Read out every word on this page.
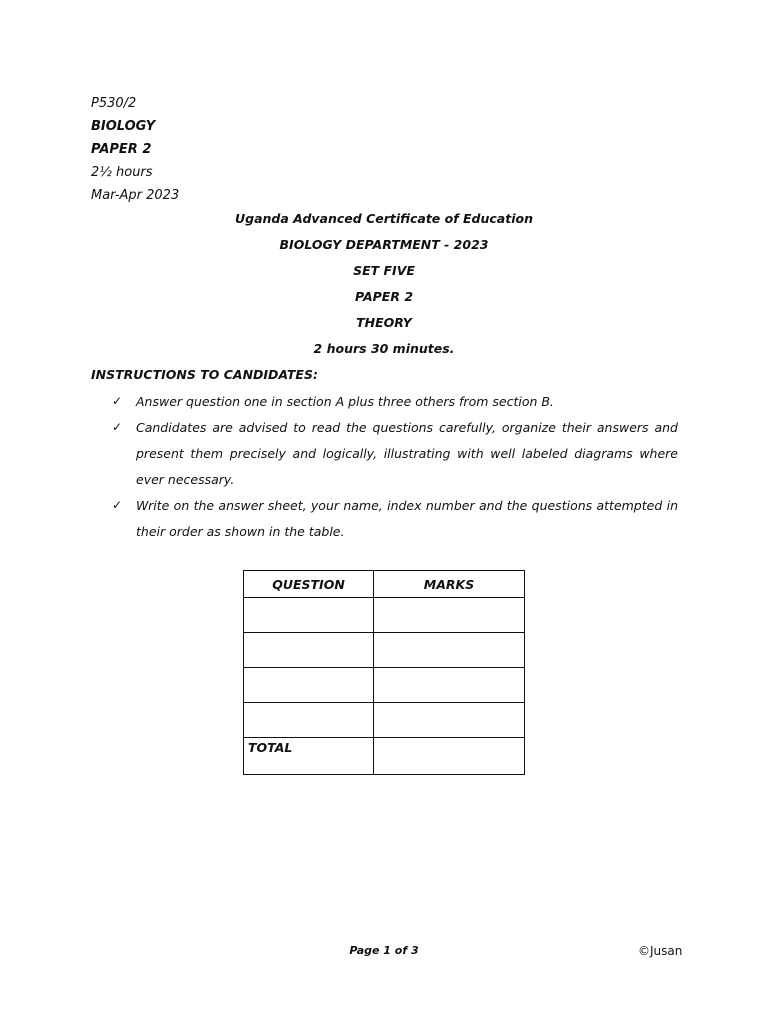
P530/2
BIOLOGY
PAPER 2
2½ hours
Mar-Apr 2023
Uganda Advanced Certificate of Education
BIOLOGY DEPARTMENT - 2023
SET FIVE
PAPER 2
THEORY
2 hours 30 minutes.
INSTRUCTIONS TO CANDIDATES:
✓ Answer question one in section A plus three others from section B.
✓ Candidates are advised to read the questions carefully, organize their answers and present them precisely and logically, illustrating with well labeled diagrams where ever necessary.
✓ Write on the answer sheet, your name, index number and the questions attempted in their order as shown in the table.
QUESTION	MARKS

TOTAL	
Page 1 of 3	©Jusan
